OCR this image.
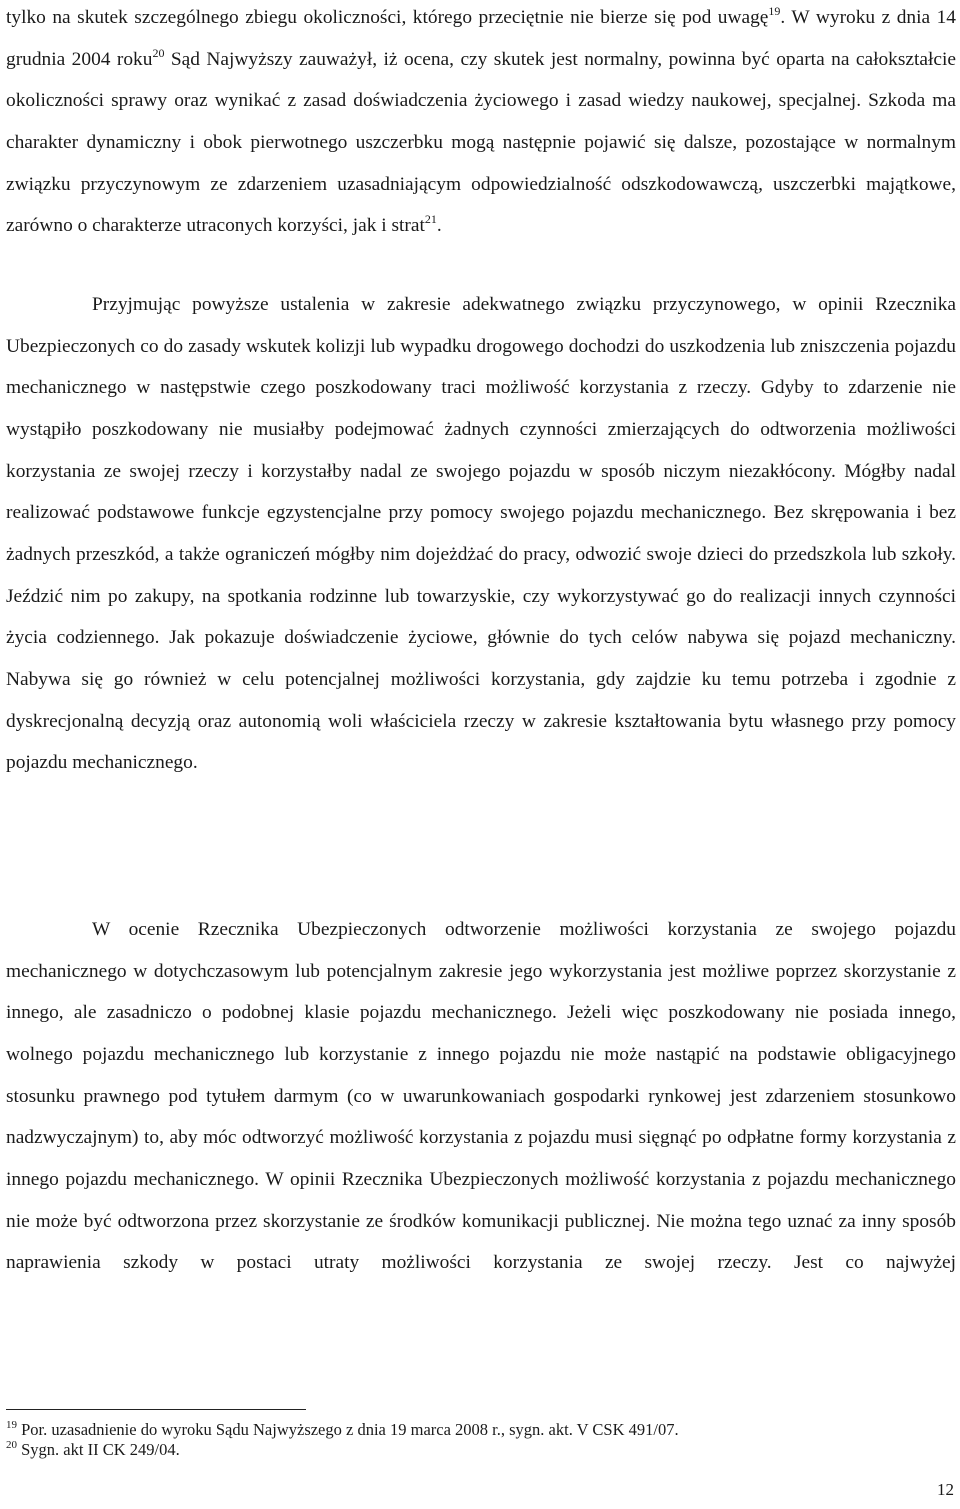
tylko na skutek szczególnego zbiegu okoliczności, którego przeciętnie nie bierze się pod uwagę$^{19}$. W wyroku z dnia 14 grudnia 2004 roku$^{20}$ Sąd Najwyższy zauważył, iż ocena, czy skutek jest normalny, powinna być oparta na całokształcie okoliczności sprawy oraz wynikać z zasad doświadczenia życiowego i zasad wiedzy naukowej, specjalnej. Szkoda ma charakter dynamiczny i obok pierwotnego uszczerbku mogą następnie pojawić się dalsze, pozostające w normalnym związku przyczynowym ze zdarzeniem uzasadniającym odpowiedzialność odszkodowawczą, uszczerbki majątkowe, zarówno o charakterze utraconych korzyści, jak i strat$^{21}$.

Przyjmując powyższe ustalenia w zakresie adekwatnego związku przyczynowego, w opinii Rzecznika Ubezpieczonych co do zasady wskutek kolizji lub wypadku drogowego dochodzi do uszkodzenia lub zniszczenia pojazdu mechanicznego w następstwie czego poszkodowany traci możliwość korzystania z rzeczy. Gdyby to zdarzenie nie wystąpiło poszkodowany nie musiałby podejmować żadnych czynności zmierzających do odtworzenia możliwości korzystania ze swojej rzeczy i korzystałby nadal ze swojego pojazdu w sposób niczym niezakłócony. Mógłby nadal realizować podstawowe funkcje egzystencjalne przy pomocy swojego pojazdu mechanicznego. Bez skrępowania i bez żadnych przeszkód, a także ograniczeń mógłby nim dojeżdżać do pracy, odwozić swoje dzieci do przedszkola lub szkoły. Jeździć nim po zakupy, na spotkania rodzinne lub towarzyskie, czy wykorzystywać go do realizacji innych czynności życia codziennego. Jak pokazuje doświadczenie życiowe, głównie do tych celów nabywa się pojazd mechaniczny. Nabywa się go również w celu potencjalnej możliwości korzystania, gdy zajdzie ku temu potrzeba i zgodnie z dyskrecjonalną decyzją oraz autonomią woli właściciela rzeczy w zakresie kształtowania bytu własnego przy pomocy pojazdu mechanicznego.

W ocenie Rzecznika Ubezpieczonych odtworzenie możliwości korzystania ze swojego pojazdu mechanicznego w dotychczasowym lub potencjalnym zakresie jego wykorzystania jest możliwe poprzez skorzystanie z innego, ale zasadniczo o podobnej klasie pojazdu mechanicznego. Jeżeli więc poszkodowany nie posiada innego, wolnego pojazdu mechanicznego lub korzystanie z innego pojazdu nie może nastąpić na podstawie obligacyjnego stosunku prawnego pod tytułem darmym (co w uwarunkowaniach gospodarki rynkowej jest zdarzeniem stosunkowo nadzwyczajnym) to, aby móc odtworzyć możliwość korzystania z pojazdu musi sięgnąć po odpłatne formy korzystania z innego pojazdu mechanicznego. W opinii Rzecznika Ubezpieczonych możliwość korzystania z pojazdu mechanicznego nie może być odtworzona przez skorzystanie ze środków komunikacji publicznej. Nie można tego uznać za inny sposób naprawienia szkody w postaci utraty możliwości korzystania ze swojej rzeczy. Jest co najwyżej

$^{19}$ Por. uzasadnienie do wyroku Sądu Najwyższego z dnia 19 marca 2008 r., sygn. akt. V CSK 491/07.
$^{20}$ Sygn. akt II CK 249/04.
12
